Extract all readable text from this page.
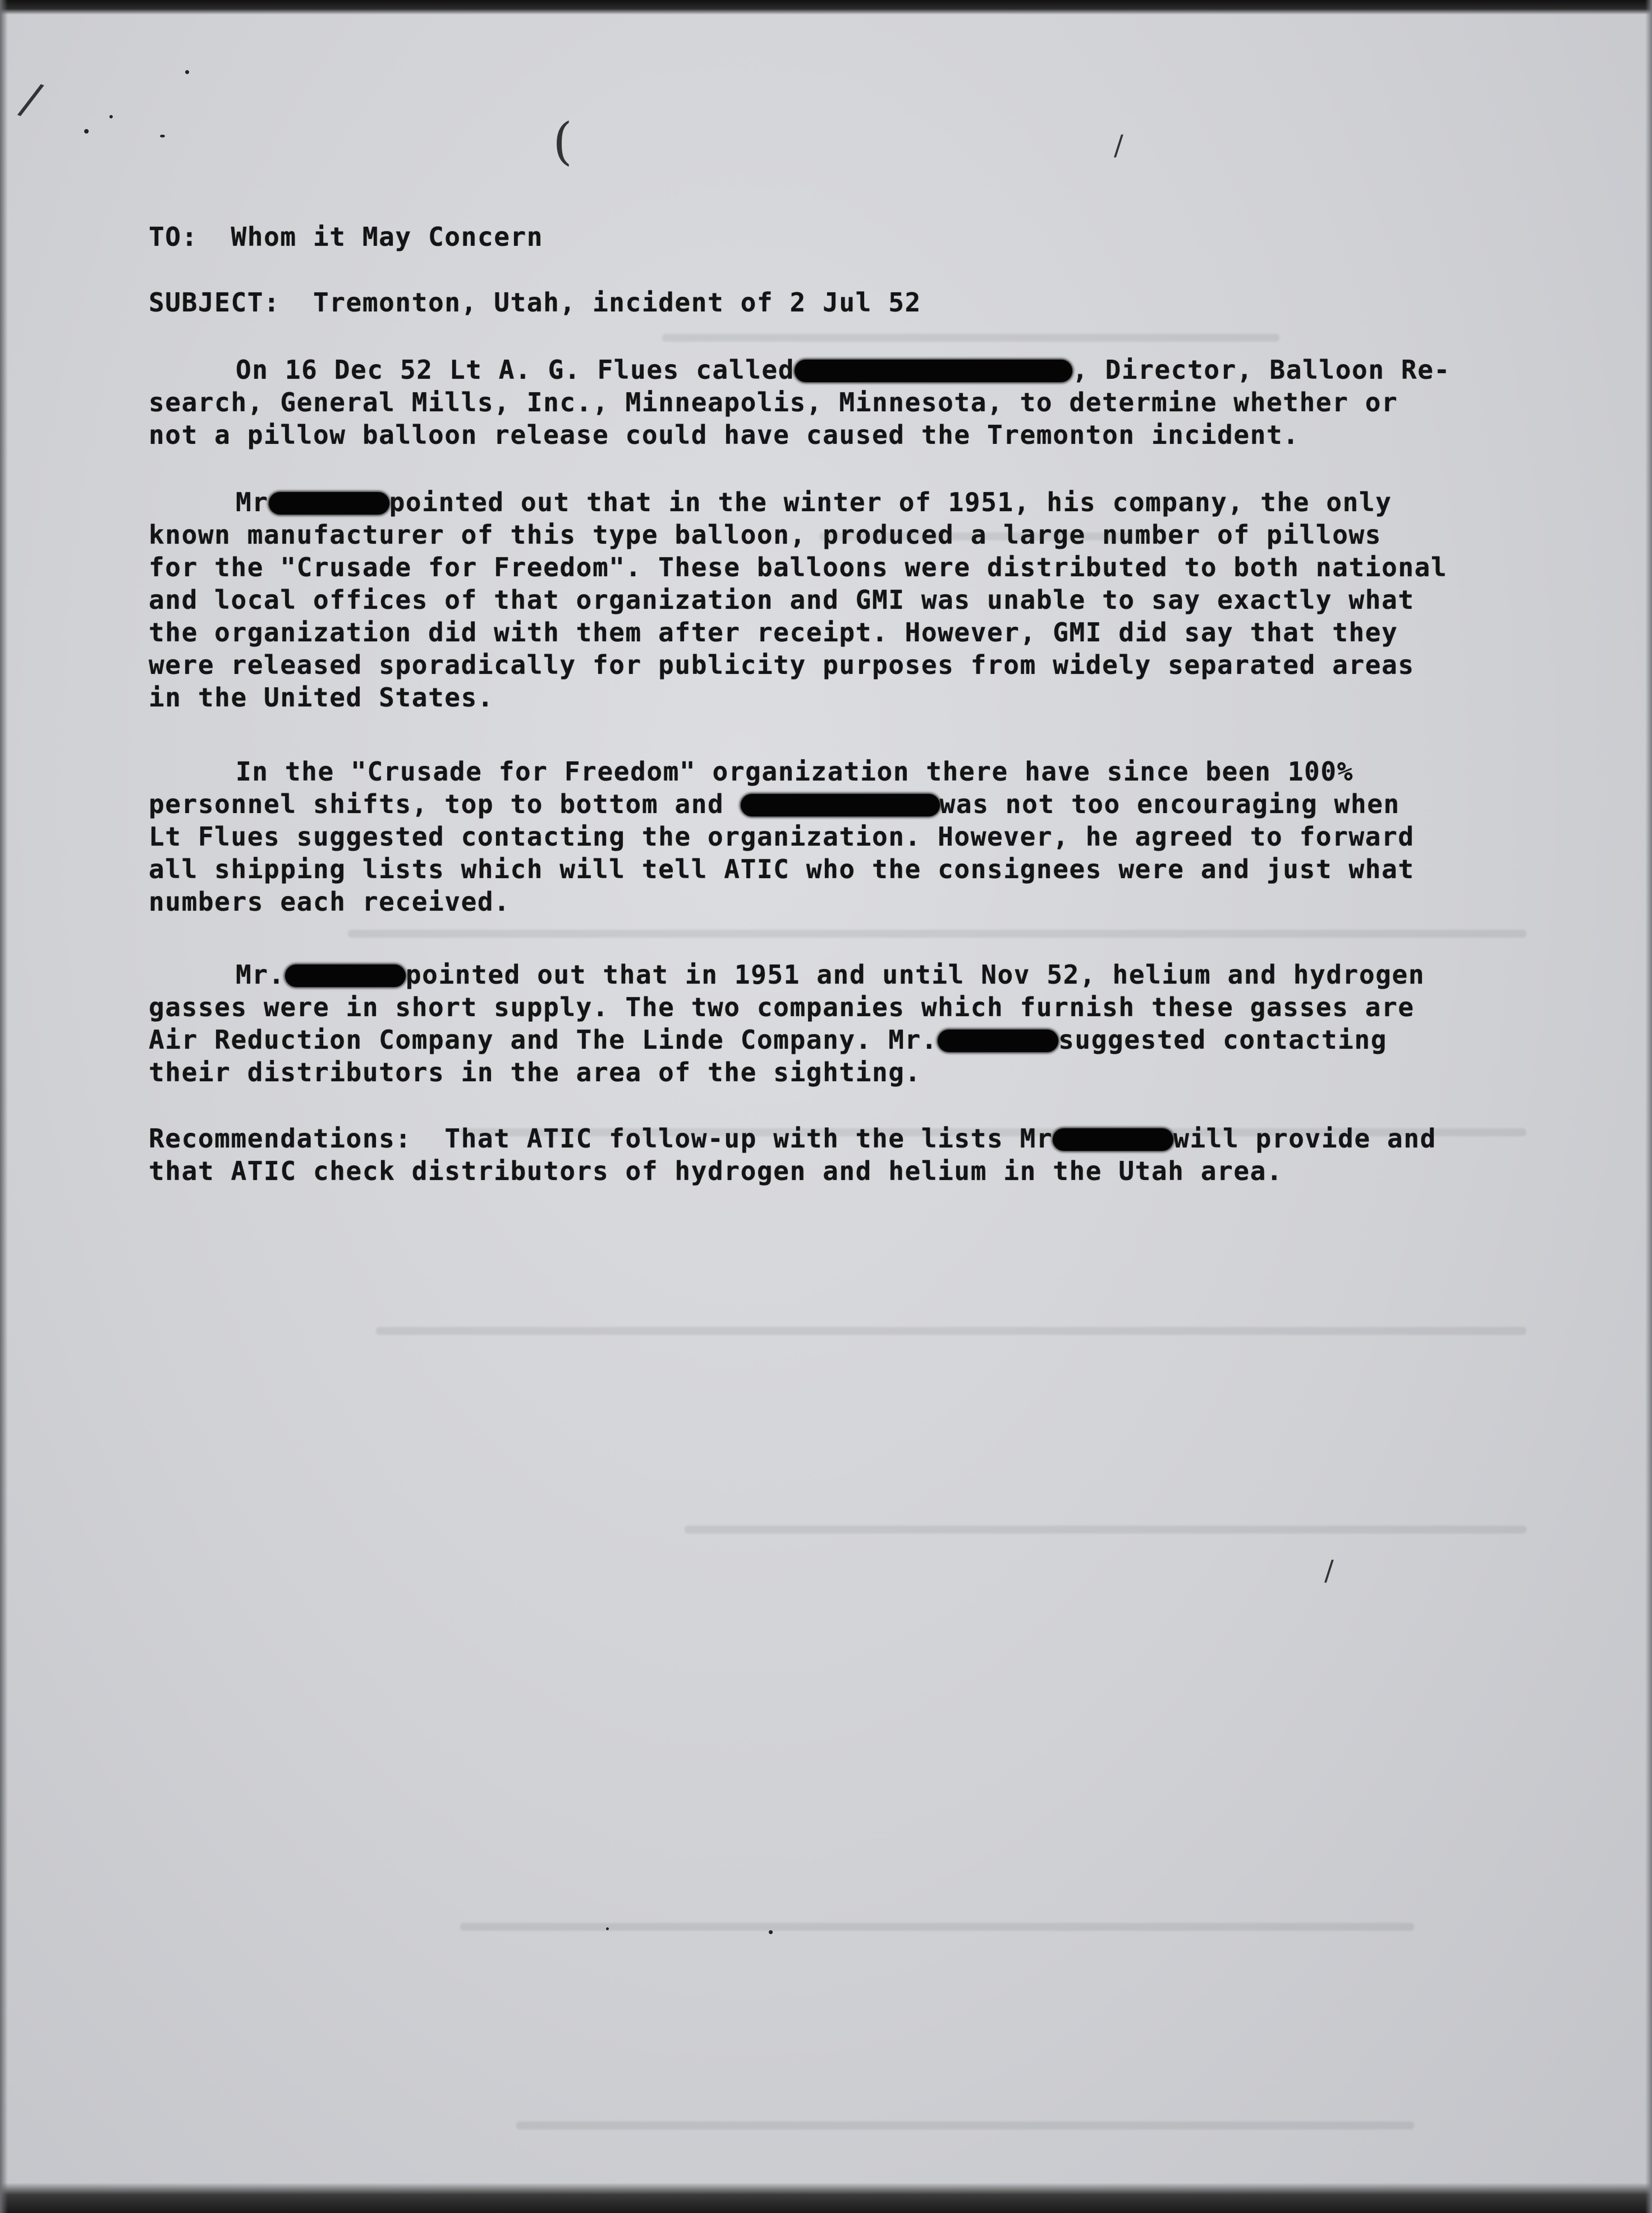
/
(	/
/
TO: Whom it May Concern
SUBJECT: Tremonton, Utah, incident of 2 Jul 52
On 16 Dec 52 Lt A. G. Flues called	, Director, Balloon Re-
search, General Mills, Inc., Minneapolis, Minnesota, to determine whether or
not a pillow balloon release could have caused the Tremonton incident.
Mr	pointed out that in the winter of 1951, his company, the only
known manufacturer of this type balloon, produced a large number of pillows
for the "Crusade for Freedom". These balloons were distributed to both national
and local offices of that organization and GMI was unable to say exactly what
the organization did with them after receipt. However, GMI did say that they
were released sporadically for publicity purposes from widely separated areas
in the United States.
In the "Crusade for Freedom" organization there have since been 100%
personnel shifts, top to bottom and	was not too encouraging when
Lt Flues suggested contacting the organization. However, he agreed to forward
all shipping lists which will tell ATIC who the consignees were and just what
numbers each received.
Mr.	pointed out that in 1951 and until Nov 52, helium and hydrogen
gasses were in short supply. The two companies which furnish these gasses are
Air Reduction Company and The Linde Company. Mr.	suggested contacting
their distributors in the area of the sighting.
Recommendations: That ATIC follow-up with the lists Mr	will provide and
that ATIC check distributors of hydrogen and helium in the Utah area.
